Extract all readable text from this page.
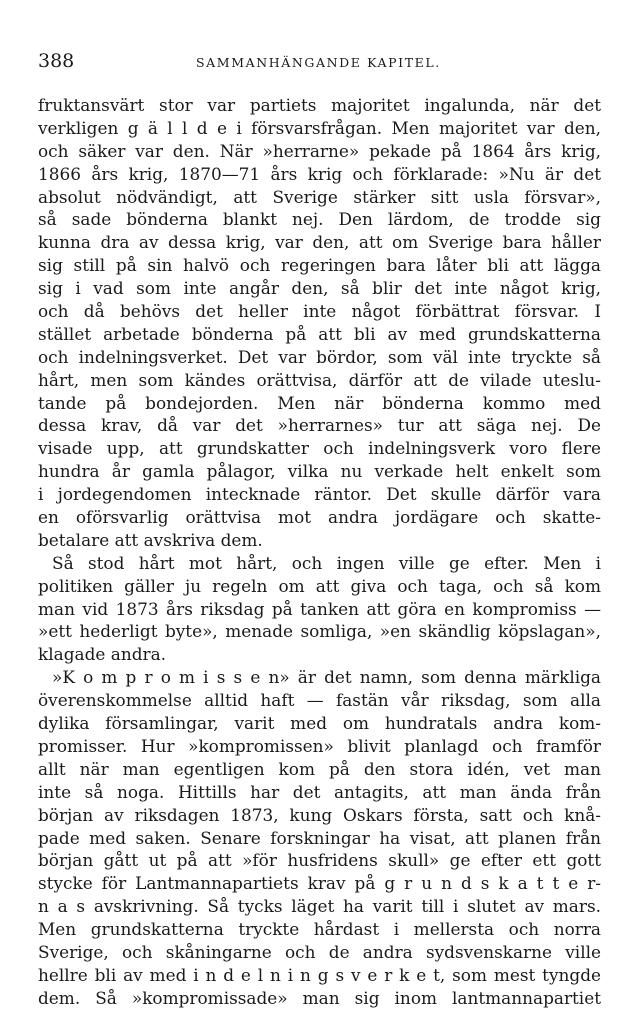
388	SAMMANHÄNGANDE KAPITEL.
fruktansvärt stor var partiets majoritet ingalunda, när det
verkligen g ä l l d e i försvarsfrågan. Men majoritet var den,
och säker var den. När »herrarne» pekade på 1864 års krig,
1866 års krig, 1870—71 års krig och förklarade: »Nu är det
absolut nödvändigt, att Sverige stärker sitt usla försvar»,
så sade bönderna blankt nej. Den lärdom, de trodde sig
kunna dra av dessa krig, var den, att om Sverige bara håller
sig still på sin halvö och regeringen bara låter bli att lägga
sig i vad som inte angår den, så blir det inte något krig,
och då behövs det heller inte något förbättrat försvar. I
stället arbetade bönderna på att bli av med grundskatterna
och indelningsverket. Det var bördor, som väl inte tryckte så
hårt, men som kändes orättvisa, därför att de vilade uteslu-
tande på bondejorden. Men när bönderna kommo med
dessa krav, då var det »herrarnes» tur att säga nej. De
visade upp, att grundskatter och indelningsverk voro flere
hundra år gamla pålagor, vilka nu verkade helt enkelt som
i jordegendomen intecknade räntor. Det skulle därför vara
en oförsvarlig orättvisa mot andra jordägare och skatte-
betalare att avskriva dem.
Så stod hårt mot hårt, och ingen ville ge efter. Men i
politiken gäller ju regeln om att giva och taga, och så kom
man vid 1873 års riksdag på tanken att göra en kompromiss —
»ett hederligt byte», menade somliga, »en skändlig köpslagan»,
klagade andra.
»K o m p r o m i s s e n» är det namn, som denna märkliga
överenskommelse alltid haft — fastän vår riksdag, som alla
dylika församlingar, varit med om hundratals andra kom-
promisser. Hur »kompromissen» blivit planlagd och framför
allt när man egentligen kom på den stora idén, vet man
inte så noga. Hittills har det antagits, att man ända från
början av riksdagen 1873, kung Oskars första, satt och knå-
pade med saken. Senare forskningar ha visat, att planen från
början gått ut på att »för husfridens skull» ge efter ett gott
stycke för Lantmannapartiets krav på g r u n d s k a t t e r-
n a s avskrivning. Så tycks läget ha varit till i slutet av mars.
Men grundskatterna tryckte hårdast i mellersta och norra
Sverige, och skåningarne och de andra sydsvenskarne ville
hellre bli av med i n d e l n i n g s v e r k e t, som mest tyngde
dem. Så »kompromissade» man sig inom lantmannapartiet
